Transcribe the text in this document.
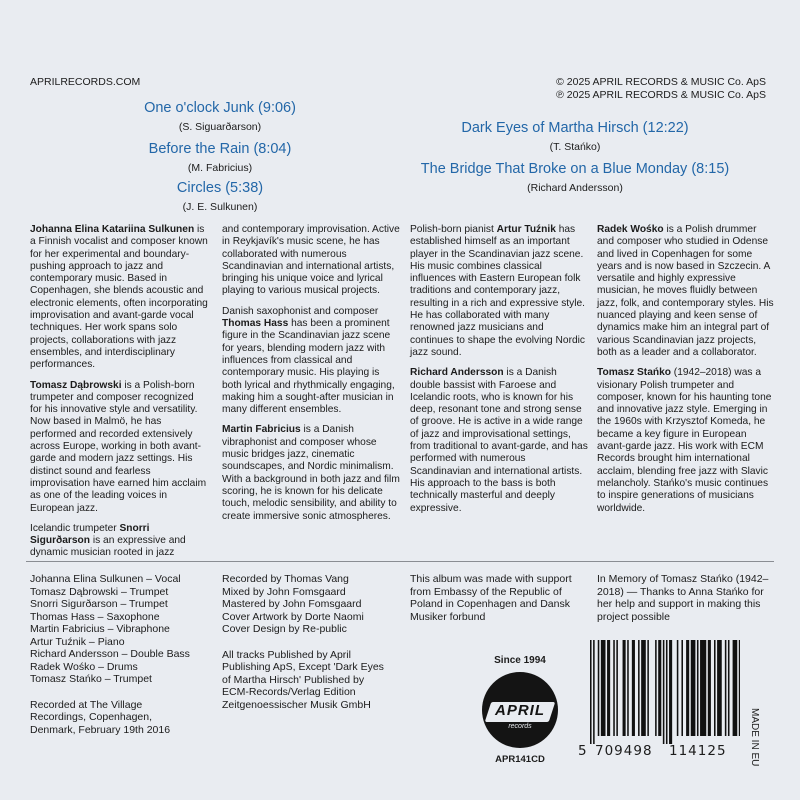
APRILRECORDS.COM	© 2025 APRIL RECORDS & MUSIC Co. ApS
℗ 2025 APRIL RECORDS & MUSIC Co. ApS

One o'clock Junk (9:06)

(S. Siguarðarson)

Before the Rain (8:04)

(M. Fabricius)

Circles (5:38)

(J. E. Sulkunen)

Dark Eyes of Martha Hirsch (12:22)

(T. Stańko)

The Bridge That Broke on a Blue Monday (8:15)

(Richard Andersson)

Johanna Elina Katariina Sulkunen is a Finnish vocalist and composer known for her experimental and boundary-pushing approach to jazz and contemporary music. Based in Copenhagen, she blends acoustic and electronic elements, often incorporating improvisation and avant-garde vocal techniques. Her work spans solo projects, collaborations with jazz ensembles, and interdisciplinary performances.

Tomasz Dąbrowski is a Polish-born trumpeter and composer recognized for his innovative style and versatility. Now based in Malmö, he has performed and recorded extensively across Europe, working in both avant-garde and modern jazz settings. His distinct sound and fearless improvisation have earned him acclaim as one of the leading voices in European jazz.

Icelandic trumpeter Snorri Sigurðarson is an expressive and dynamic musician rooted in jazz

and contemporary improvisation. Active in Reykjavík's music scene, he has collaborated with numerous Scandinavian and international artists, bringing his unique voice and lyrical playing to various musical projects.

Danish saxophonist and composer Thomas Hass has been a prominent figure in the Scandinavian jazz scene for years, blending modern jazz with influences from classical and contemporary music. His playing is both lyrical and rhythmically engaging, making him a sought-after musician in many different ensembles.

Martin Fabricius is a Danish vibraphonist and composer whose music bridges jazz, cinematic soundscapes, and Nordic minimalism. With a background in both jazz and film scoring, he is known for his delicate touch, melodic sensibility, and ability to create immersive sonic atmospheres.

Polish-born pianist Artur Tuźnik has established himself as an important player in the Scandinavian jazz scene. His music combines classical influences with Eastern European folk traditions and contemporary jazz, resulting in a rich and expressive style. He has collaborated with many renowned jazz musicians and continues to shape the evolving Nordic jazz sound.

Richard Andersson is a Danish double bassist with Faroese and Icelandic roots, who is known for his deep, resonant tone and strong sense of groove. He is active in a wide range of jazz and improvisational settings, from traditional to avant-garde, and has performed with numerous Scandinavian and international artists. His approach to the bass is both technically masterful and deeply expressive.

Radek Wośko is a Polish drummer and composer who studied in Odense and lived in Copenhagen for some years and is now based in Szczecin. A versatile and highly expressive musician, he moves fluidly between jazz, folk, and contemporary styles. His nuanced playing and keen sense of dynamics make him an integral part of various Scandinavian jazz projects, both as a leader and a collaborator.

Tomasz Stańko (1942–2018) was a visionary Polish trumpeter and composer, known for his haunting tone and innovative jazz style. Emerging in the 1960s with Krzysztof Komeda, he became a key figure in European avant-garde jazz. His work with ECM Records brought him international acclaim, blending free jazz with Slavic melancholy. Stańko's music continues to inspire generations of musicians worldwide.

Johanna Elina Sulkunen – Vocal

Tomasz Dąbrowski – Trumpet

Snorri Sigurðarson – Trumpet

Thomas Hass – Saxophone

Martin Fabricius – Vibraphone

Artur Tuźnik – Piano

Richard Andersson – Double Bass

Radek Wośko – Drums

Tomasz Stańko – Trumpet

Recorded at The Village Recordings, Copenhagen, Denmark, February 19th 2016

Recorded by Thomas Vang

Mixed by John Fomsgaard

Mastered by John Fomsgaard

Cover Artwork by Dorte Naomi

Cover Design by Re-public

All tracks Published by April Publishing ApS, Except 'Dark Eyes of Martha Hirsch' Published by ECM-Records/Verlag Edition Zeitgenoessischer Musik GmbH

This album was made with support from Embassy of the Republic of Poland in Copenhagen and Dansk Musiker forbund

In Memory of Tomasz Stańko (1942–2018) — Thanks to Anna Stańko for her help and support in making this project possible

Since 1994
APRIL
records
APR141CD
5 709498 114125 MADE IN EU
